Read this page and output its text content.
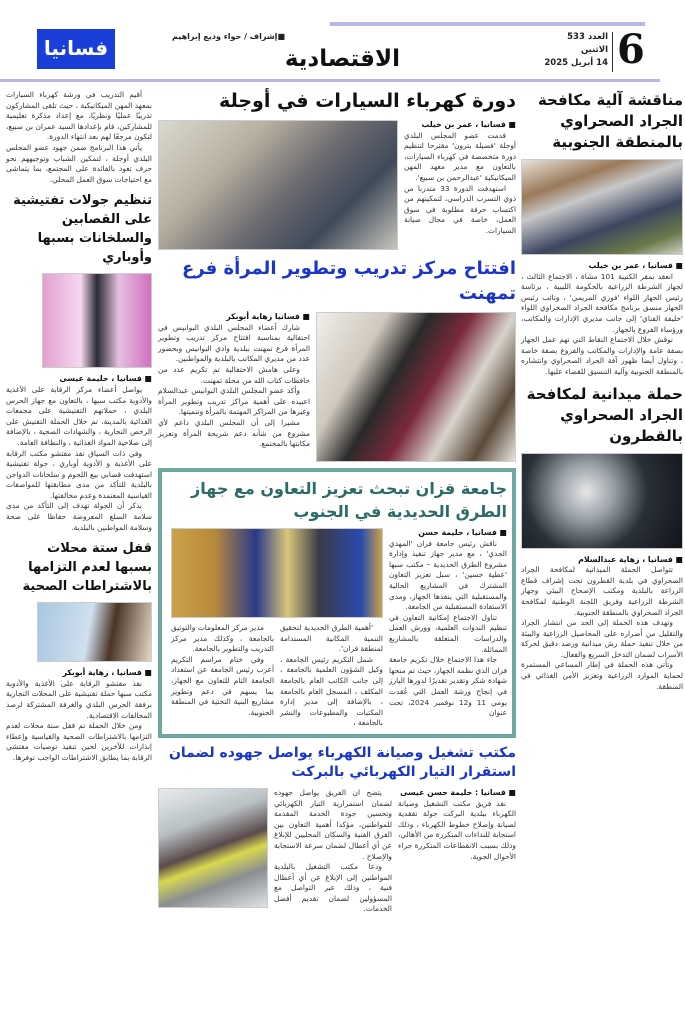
6
العدد 533
الاثنين
14 أبريل 2025
الاقتصادية
■إشراف / حواء وديع إبراهيم
فسانيا
مناقشة آلية مكافحة الجراد الصحراوي بالمنطقة الجنوبية

■ فسانيا ، عمر بن خيلب

انعقد بمقر الكتيبة 101 مشاة ، الاجتماع الثالث ، لجهاز الشرطة الزراعية بالحكومة الليبية ، برئاسة رئيس الجهاز اللواء 'فوزي المريمي' ، ونائب رئيس الجهاز منسق برنامج مكافحة الجراد الصحراوي اللواء 'خليفة الفناي' إلى جانب مديري الإدارات والمكاتب، ورؤساء الفروع بالجهاز.

نوقش خلال الاجتماع النقاط التي تهم عمل الجهاز بصفة عامة والإدارات والمكاتب والفروع بصفة خاصة ، وتناول أيضا ظهور آفة الجراد الصحراوي وانتشاره بالمنطقة الجنوبية وآلية التنسيق للقضاء عليها.

حملة ميدانية لمكافحة الجراد الصحراوي بالقطرون

■ فسانيا ، زهاية عبدالسلام

تتواصل الحملة الميدانية لمكافحة الجراد الصحراوي في بلدية القطرون تحت إشراف قطاع الزراعة بالبلدية ومكتب الإصحاح البيئي وجهاز الشرطة الزراعية وفريق اللجنة الوطنية لمكافحة الجراد الصحراوي بالمنطقة الجنوبية.

وتهدف هذه الحملة إلى الحد من انتشار الجراد والتقليل من أضراره على المحاصيل الزراعية والبيئة من خلال تنفيذ حملة رش ميدانية ورصد دقيق لحركة الأسراب لضمان التدخل السريع والفعال.

وتأتي هذه الحملة في إطار المساعي المستمرة لحماية الموارد الزراعية وتعزيز الأمن الغذائي في المنطقة.

أقيم التدريب في ورشة كهرباء السيارات بمعهد المهن الميكانيكية ، حيث تلقى المشاركون تدريبًا عمليًا ونظريًا، مع إعداد مذكرة تعليمية للمشاركين، قام بإعدادها السيد عمران بن سبيع، لتكون مرجعًا لهم بعد انتهاء الدورة.

يأتي هذا البرنامج ضمن جهود عضو المجلس البلدي أوجلة ، لتمكين الشباب وتوجيههم نحو حرف تعود بالفائدة على المجتمع، بما يتماشى مع احتياجات سوق العمل المحلي.

تنظيم جولات تفتيشية على القصابين والسلخانات بسبها وأوباري

■ فسانيا ، حليمة عيسى

يواصل أعضاء مركز الرقابة على الأغذية والأدوية مكتب سبها ، بالتعاون مع جهاز الحرس البلدي ، حملاتهم التفتيشية على مجمعات الغذائية بالمدينة، تم خلال الحملة التفتيش على الرخص التجارية ، والشهادات الصحية ، بالإضافة إلى صلاحية المواد الغذائية ، والنظافة العامة.

وفي ذات السياق نفذ مفتشو مكتب الرقابة على الأغذية و الأدوية أوباري ، جولة تفتيشية استهدفت قصابي بيع اللحوم و سلخانات الدواجن بالبلدية للتأكد من مدى مطابقتها للمواصفات القياسية المعتمدة وعدم مخالفتها.

يذكر أن الجولة تهدف إلى التأكد من مدى سلامة السلع المعروضة حفاظا على صحة وسلامة المواطنين بالبلدية.

قفل ستة محلات بسبها لعدم التزامها بالاشتراطات الصحية

■ فسانيا ، زهاية أبوبكر

نفذ مفتشو الرقابة على الأغذية والأدوية مكتب سبها حملة تفتيشية على المحلات التجارية برفقة الحرس البلدي والغرفة المشتركة لرصد المخالفات الاقتصادية.

ومن خلال الحملة تم قفل ستة محلات لعدم التزامها بالاشتراطات الصحية والقياسية وإعطاء إنذارات للآخرين لحين تنفيذ توصيات مفتشي الرقابة بما يطابق الاشتراطات الواجب توفرها.

دورة كهرباء السيارات في أوجلة

■ فسانيا ، عمر بن خيلب

قدمت عضو المجلس البلدي أوجلة 'فضيلة بترون' مقترحا لتنظيم دورة متخصصة في كهرباء السيارات، بالتعاون مع مدير معهد المهن الميكانيكية 'عبدالرحمن بن سبيع'.

استهدفت الدورة 33 متدربا من ذوي التسرب الدراسي، لتمكينهم من اكتساب حرفة مطلوبة في سوق العمل، خاصة في مجال صيانة السيارات.

افتتاح مركز تدريب وتطوير المرأة فرع تمهنت

■ فسانيا زهاية أبوبكر

شارك أعضاء المجلس البلدي البوانيس في احتفالية بمناسبة افتتاح مركز تدريب وتطوير المرأة فرع تمهنت ببلدية وادي البوانيس وبحضور عدد من مديري المكاتب بالبلدية والمواطنين.

وعلى هامش الاحتفالية تم تكريم عدد من حافظات كتاب الله من محلة تمهنت.

وأكد عضو المجلس البلدي البوانيس عبدالسلام اعبيده على أهمية مراكز تدريب وتطوير المرأة وغيرها من المراكز المهتمة بالمرأة وتنميتها.

مشيرا إلى أن المجلس البلدي داعم لأي مشروع من شأنه دعم شريحة المرأة وتعزيز مكانتها بالمجتمع.

جامعة فزان تبحث تعزيز التعاون مع جهاز الطرق الحديدية في الجنوب

■ فسانيا ، حليمة حسن

ناقش رئيس جامعة فزان 'المهدي الجدي' ، مع مدير جهاز تنفيذ وإدارة مشروع الطرق الحديدية – مكتب سبها 'عطية حسين' ، سبل تعزيز التعاون المشترك في المشاريع الحالية والمستقبلية التي ينفذها الجهاز، ومدى الاستفادة المستقبلية من الجامعة.

تناول الاجتماع إمكانية التعاون في تنظيم الندوات العلمية، وورش العمل والدراسات المتعلقة بالمشاريع المماثلة.

جاء هذا الاجتماع خلال تكريم جامعة فزان الذي نظمه الجهاز، حيث تم منحها شهادة شكر وتقدير تقديرًا لدورها البارز في إنجاح ورشة العمل التي عُقدت يومي 11 و12 نوفمبر 2024، تحت عنوان

'أهمية الطرق الحديدية لتحقيق التنمية المكانية المستدامة لمنطقة فزان'.

شمل التكريم رئيس الجامعة ، وكيل الشؤون العلمية بالجامعة ، إلى جانب الكاتب العام بالجامعة المكلف ، المسجل العام بالجامعة ، بالإضافة إلى مدير إدارة المكتبات والمطبوعات والنشر بالجامعة ،

مدير مركز المعلومات والتوثيق بالجامعة ، وكذلك مدير مركز التدريب والتطوير بالجامعة.

وفي ختام مراسم التكريم أعرب رئيس الجامعة عن استعداد الجامعة التام للتعاون مع الجهاز، بما يسهم في دعم وتطوير مشاريع البنية التحتية في المنطقة الجنوبية.

مكتب تشغيل وصيانة الكهرباء يواصل جهوده لضمان استقرار التيار الكهربائي بالبركت

■ فسانيا : حليمة حسن عيسى

نفذ فريق مكتب التشغيل وصيانة الكهرباء ببلدية البركت جولة تفقدية لصيانة وإصلاح خطوط الكهرباء ، وذلك استجابة للنداءات المتكررة من الأهالي، وذلك بسبب الانقطاعات المتكررة جراء الأحوال الجوية.

يتضح ان الفريق يواصل جهوده لضمان استمرارية التيار الكهربائي وتحسين جودة الخدمة المقدمة للمواطنين، مؤكدا أهمية التعاون بين الفرق الفنية والسكان المحليين للإبلاغ عن أي أعطال لضمان سرعة الاستجابة والإصلاح .

ودعا مكتب التشغيل بالبلدية المواطنين إلى الإبلاغ عن أي أعطال فنية ، وذلك عبر التواصل مع المسؤولين لضمان تقديم أفضل الخدمات.
